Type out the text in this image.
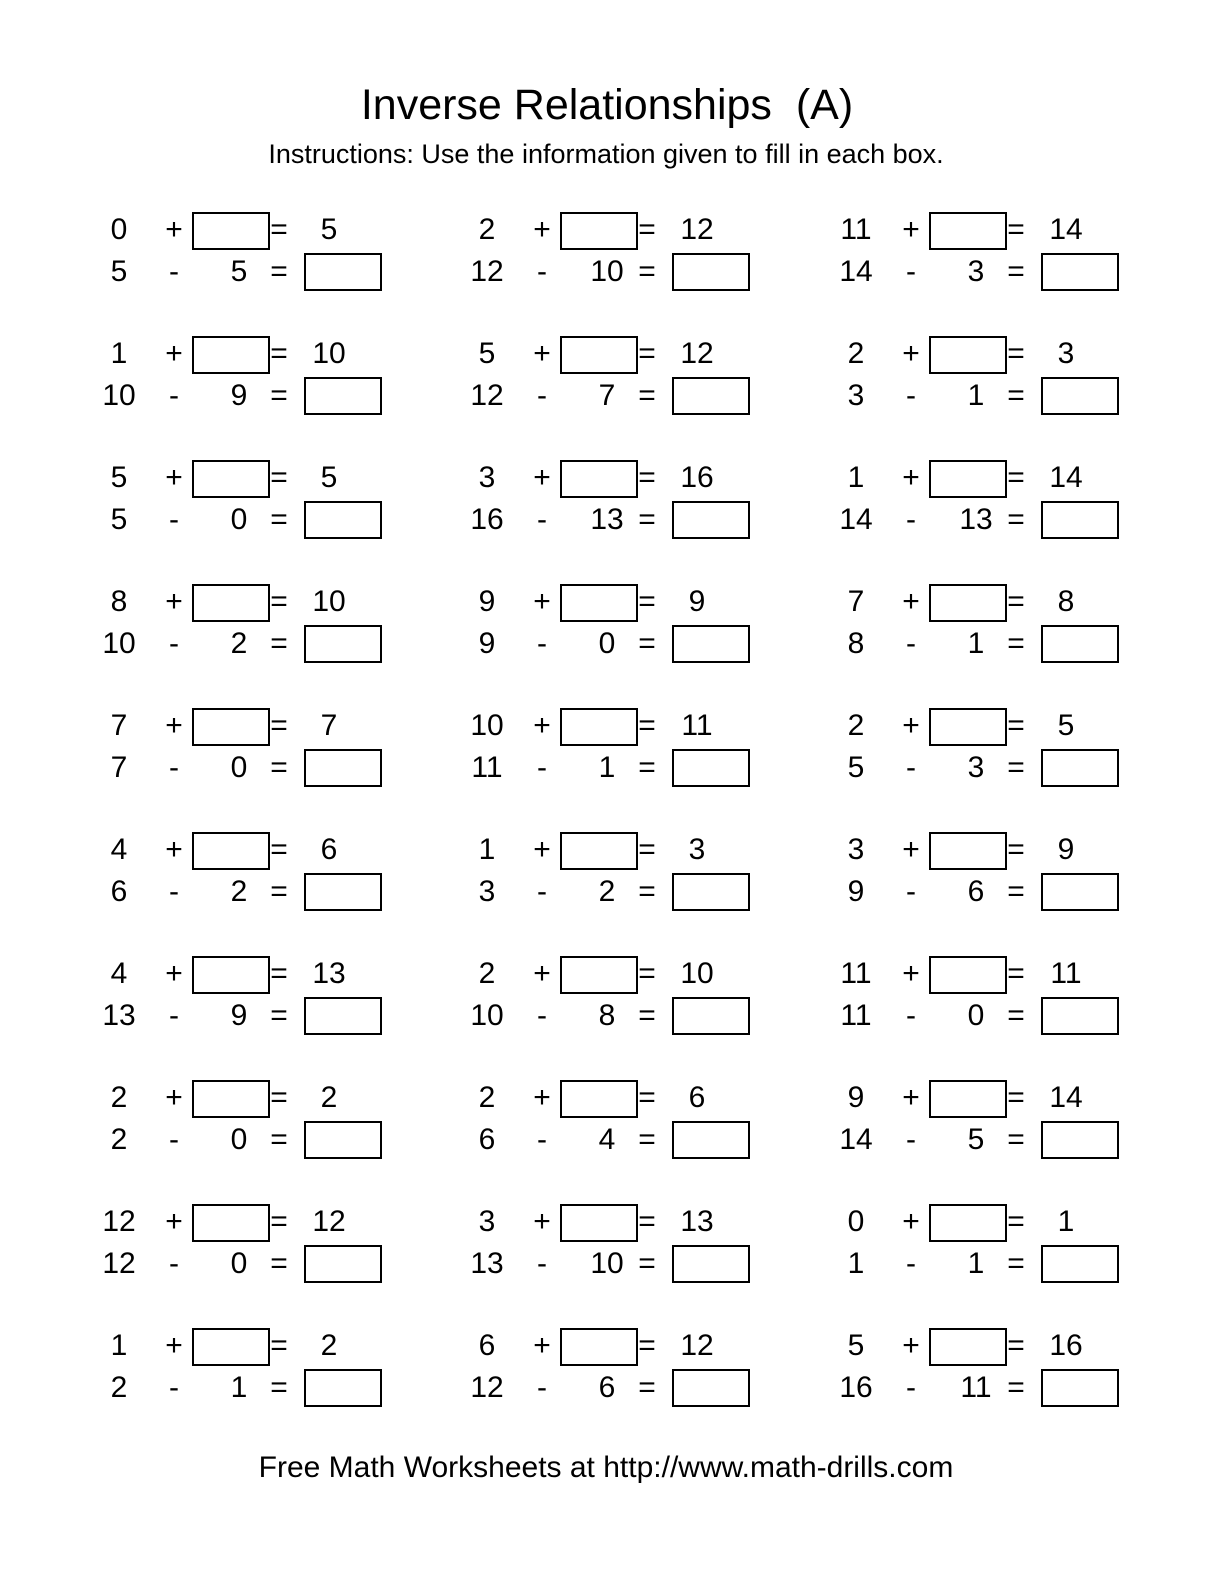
Inverse Relationships  (A)
Instructions: Use the information given to fill in each box.
0	+	=	5
5	-	5 =
2	+	= 12
12	-	10 =
11	+	= 14
14	-	3 =
1	+	= 10
10	-	9 =
5	+	= 12
12	-	7 =
2	+	=	3
3	-	1 =
5	+	=	5
5	-	0 =
3	+	= 16
16	-	13 =
1	+	= 14
14	-	13 =
8	+	= 10
10	-	2 =
9	+	=	9
9	-	0 =
7	+	=	8
8	-	1 =
7	+	=	7
7	-	0 =
10 +	= 11
11	-	1 =
2	+	=	5
5	-	3 =
4	+	=	6
6	-	2 =
1	+	=	3
3	-	2 =
3	+	=	9
9	-	6 =
4	+	= 13
13	-	9 =
2	+	= 10
10	-	8 =
11	+	= 11
11	-	0 =
2	+	=	2
2	-	0 =
2	+	=	6
6	-	4 =
9	+	= 14
14	-	5 =
12 +	= 12
12	-	0 =
3	+	= 13
13	-	10 =
0	+	=	1
1	-	1 =
1	+	=	2
2	-	1 =
6	+	= 12
12	-	6 =
5	+	= 16
16	-	11 =
Free Math Worksheets at http://www.math-drills.com
